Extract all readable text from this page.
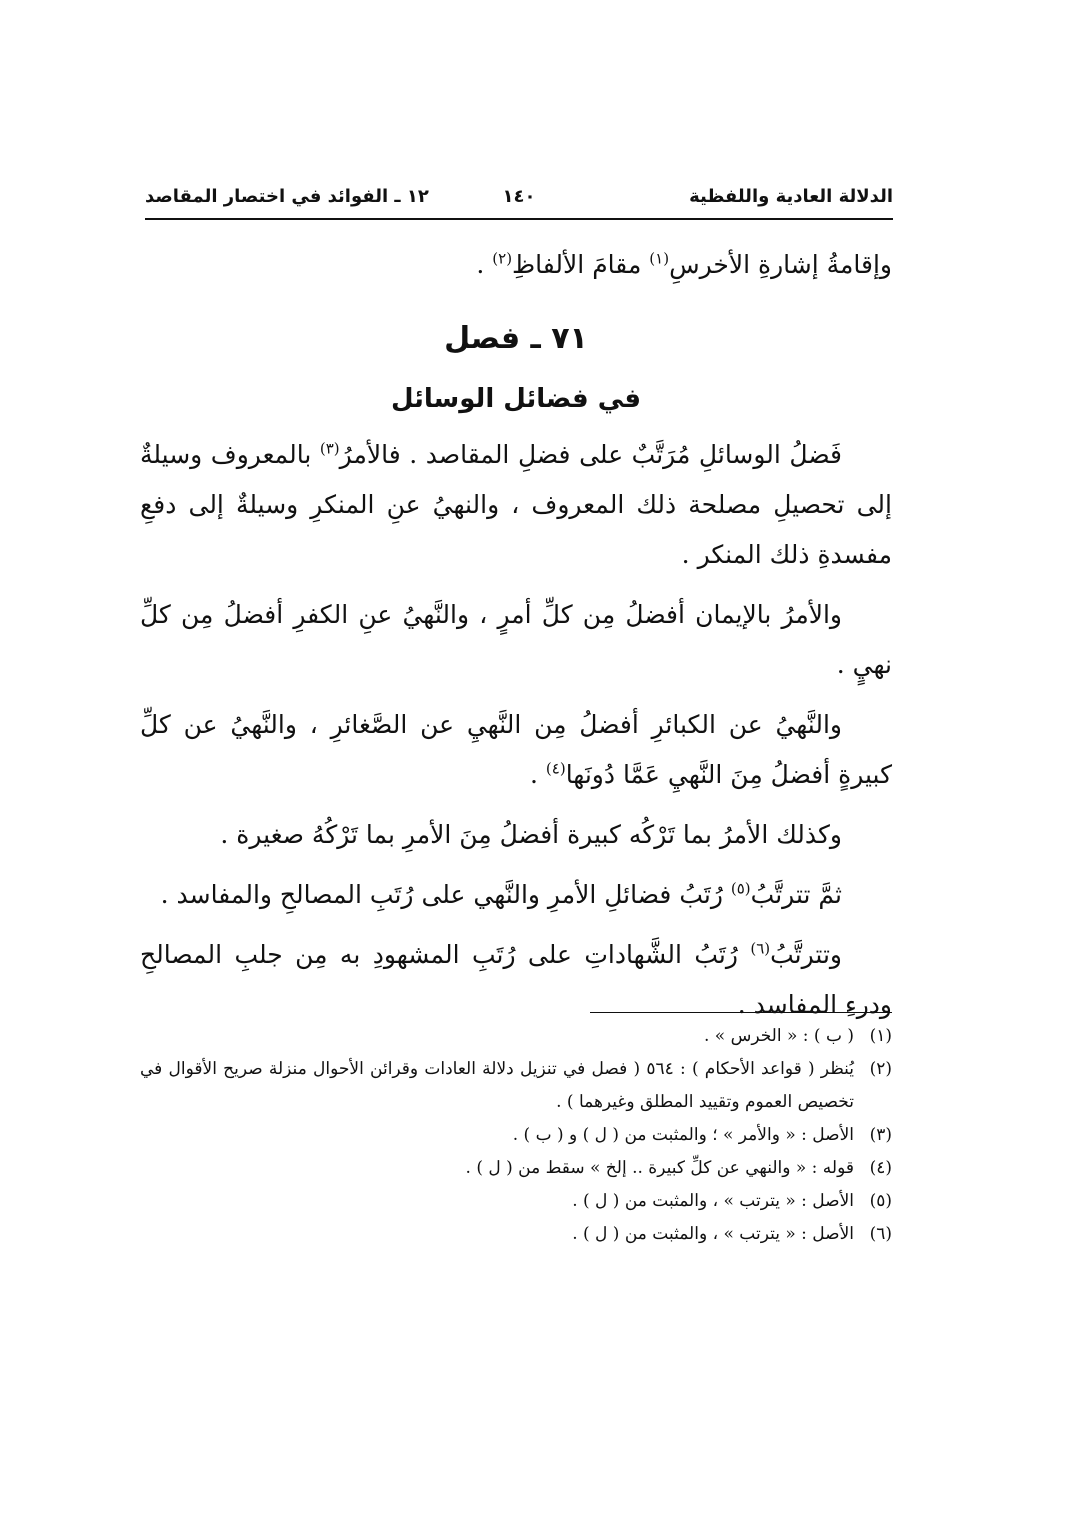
الدلالة العادية واللفظية
١٤٠
١٢ ـ الفوائد في اختصار المقاصد

وإقامةُ إشارةِ الأخرسِ$^{(١)}$ مقامَ الألفاظِ$^{(٢)}$ .

٧١ ـ فصل
في فضائل الوسائل

فَضلُ الوسائلِ مُرَتَّبٌ على فضلِ المقاصد . فالأمرُ$^{(٣)}$ بالمعروف وسيلةٌ إلى تحصيلِ مصلحة ذلك المعروف ، والنهيُ عنِ المنكرِ وسيلةٌ إلى دفعِ مفسدةِ ذلك المنكر .

والأمرُ بالإيمان أفضلُ مِن كلِّ أمرٍ ، والنَّهيُ عنِ الكفرِ أفضلُ مِن كلِّ نهيٍ .

والنَّهيُ عن الكبائرِ أفضلُ مِن النَّهيِ عن الصَّغائرِ ، والنَّهيُ عن كلِّ كبيرةٍ أفضلُ مِنَ النَّهيِ عَمَّا دُونَها$^{(٤)}$ .

وكذلك الأمرُ بما تَرْكُه كبيرة أفضلُ مِنَ الأمرِ بما تَرْكُهُ صغيرة .

ثمَّ تترتَّبُ$^{(٥)}$ رُتَبُ فضائلِ الأمرِ والنَّهي على رُتَبِ المصالحِ والمفاسد .

وتترتَّبُ$^{(٦)}$ رُتَبُ الشَّهاداتِ على رُتَبِ المشهودِ به مِن جلبِ المصالحِ ودرءِ المفاسد .

(١)
( ب ) : « الخرس » .
(٢)
يُنظر ( قواعد الأحكام ) : ٥٦٤ ( فصل في تنزيل دلالة العادات وقرائن الأحوال منزلة صريح الأقوال في تخصيص العموم وتقييد المطلق وغيرهما ) .
(٣)
الأصل : « والأمر » ؛ والمثبت من ( ل ) و ( ب ) .
(٤)
قوله : « والنهي عن كلِّ كبيرة .. إلخ » سقط من ( ل ) .
(٥)
الأصل : « يترتب » ، والمثبت من ( ل ) .
(٦)
الأصل : « يترتب » ، والمثبت من ( ل ) .
